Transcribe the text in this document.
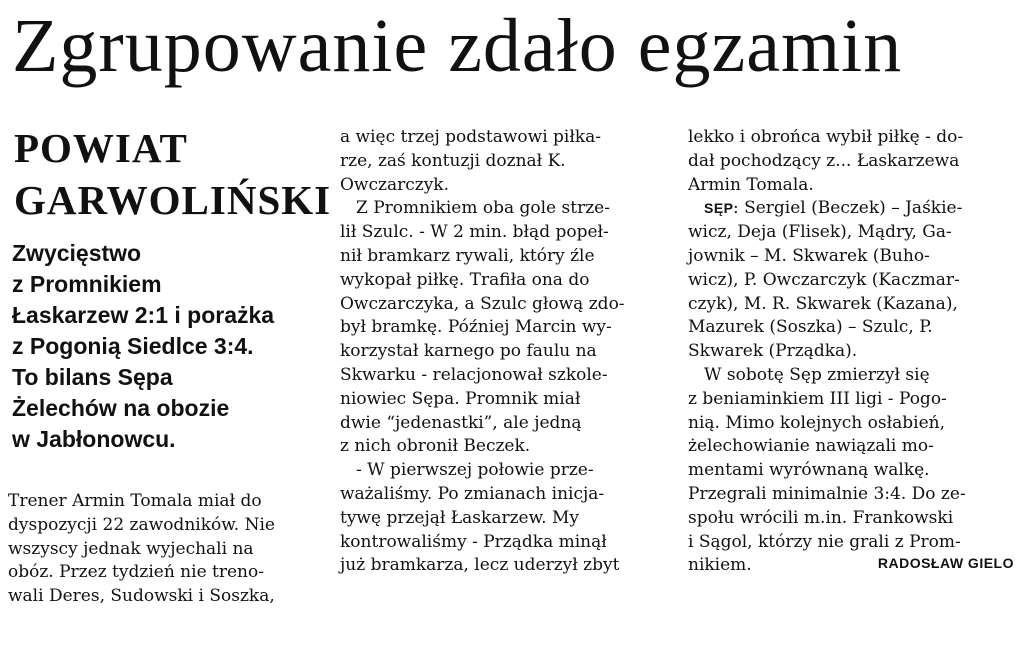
Zgrupowanie zdało egzamin
POWIAT
GARWOLIŃSKI
Zwycięstwo
z Promnikiem
Łaskarzew 2:1 i porażka
z Pogonią Siedlce 3:4.
To bilans Sępa
Żelechów na obozie
w Jabłonowcu.
Trener Armin Tomala miał do
dyspozycji 22 zawodników. Nie
wszyscy jednak wyjechali na
obóz. Przez tydzień nie treno-
wali Deres, Sudowski i Soszka,
a więc trzej podstawowi piłka-
rze, zaś kontuzji doznał K.
Owczarczyk.
Z Promnikiem oba gole strze-
lił Szulc. - W 2 min. błąd popeł-
nił bramkarz rywali, który źle
wykopał piłkę. Trafiła ona do
Owczarczyka, a Szulc głową zdo-
był bramkę. Później Marcin wy-
korzystał karnego po faulu na
Skwarku - relacjonował szkole-
niowiec Sępa. Promnik miał
dwie “jedenastki”, ale jedną
z nich obronił Beczek.
- W pierwszej połowie prze-
ważaliśmy. Po zmianach inicja-
tywę przejął Łaskarzew. My
kontrowaliśmy - Prządka minął
już bramkarza, lecz uderzył zbyt
lekko i obrońca wybił piłkę - do-
dał pochodzący z... Łaskarzewa
Armin Tomala.
SĘP: Sergiel (Beczek) – Jaśkie-
wicz, Deja (Flisek), Mądry, Ga-
jownik – M. Skwarek (Buho-
wicz), P. Owczarczyk (Kaczmar-
czyk), M. R. Skwarek (Kazana),
Mazurek (Soszka) – Szulc, P.
Skwarek (Prządka).
W sobotę Sęp zmierzył się
z beniaminkiem III ligi - Pogo-
nią. Mimo kolejnych osłabień,
żelechowianie nawiązali mo-
mentami wyrównaną walkę.
Przegrali minimalnie 3:4. Do ze-
społu wrócili m.in. Frankowski
i Sągol, którzy nie grali z Prom-
nikiem.	RADOSŁAW GIELO
